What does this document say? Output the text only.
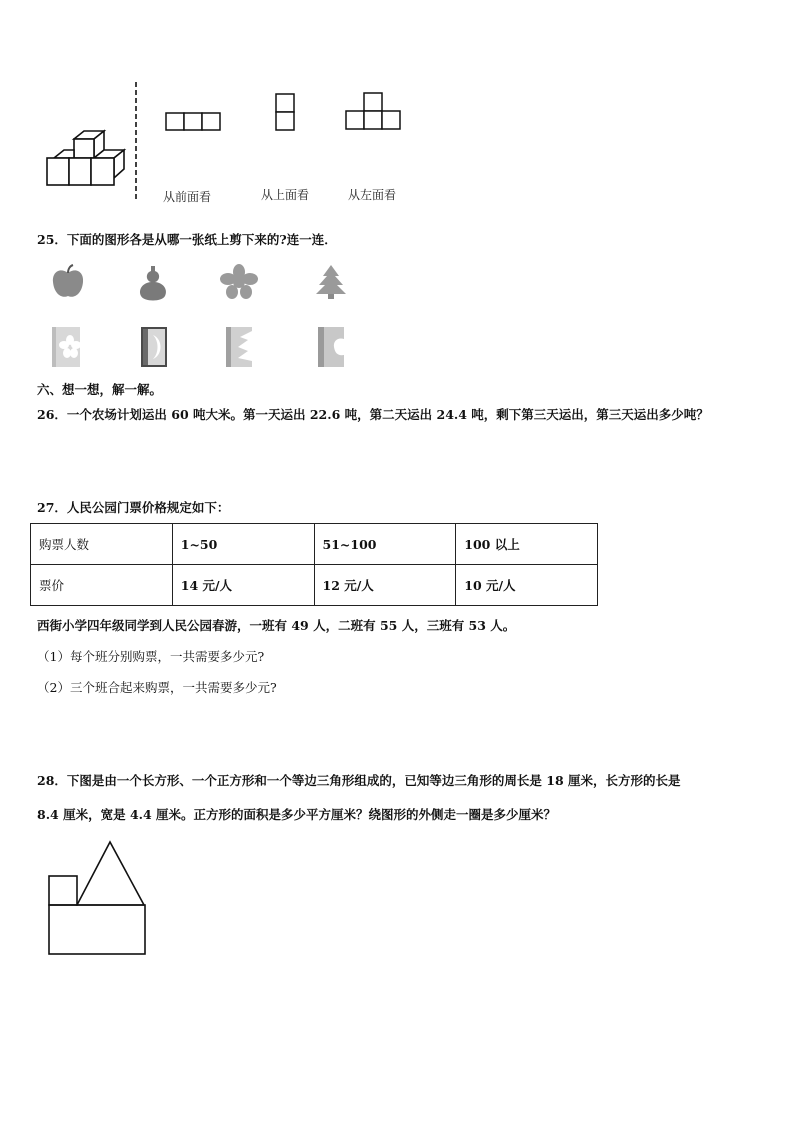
从前面看	从上面看	从左面看
25．下面的图形各是从哪一张纸上剪下来的?连一连．
六、想一想，解一解。
26．一个农场计划运出 60 吨大米。第一天运出 22.6 吨，第二天运出 24.4 吨，剩下第三天运出，第三天运出多少吨？
27．人民公园门票价格规定如下：
购票人数	1~50	51~100	100 以上
票价	14 元/人	12 元/人	10 元/人
西街小学四年级同学到人民公园春游，一班有 49 人，二班有 55 人，三班有 53 人。
（1）每个班分别购票，一共需要多少元?
（2）三个班合起来购票，一共需要多少元?
28．下图是由一个长方形、一个正方形和一个等边三角形组成的，已知等边三角形的周长是 18 厘米，长方形的长是
8.4 厘米，宽是 4.4 厘米。正方形的面积是多少平方厘米？绕图形的外侧走一圈是多少厘米？
